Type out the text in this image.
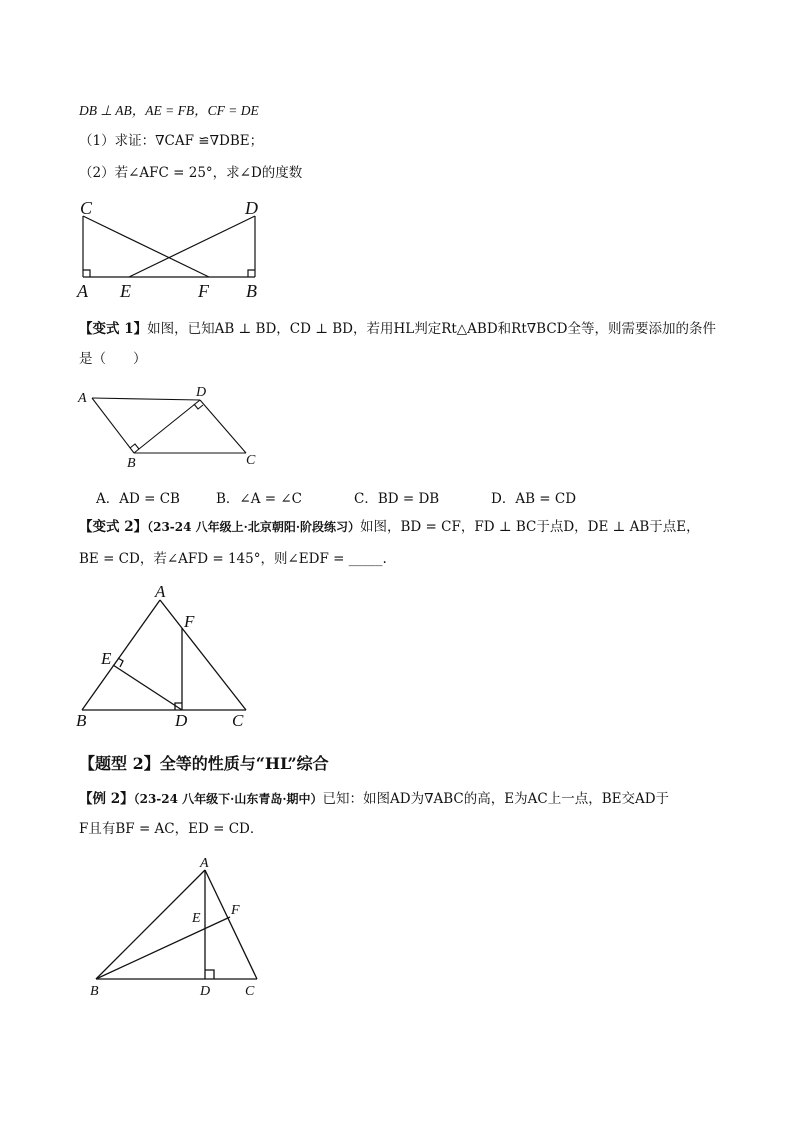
DB ⊥ AB，AE = FB，CF = DE
（1）求证：∇CAF ≌∇DBE；
（2）若∠AFC = 25°，求∠D的度数
C	D
A E	F B
【变式 1】如图，已知AB ⊥ BD，CD ⊥ BD，若用HL判定Rt△ABD和Rt∇BCD全等，则需要添加的条件
是（　　）
A	D
B	C
A．AD = CB	B．∠A = ∠C	C．BD = DB	D．AB = CD
【变式 2】（23-24 八年级上·北京朝阳·阶段练习）如图，BD = CF，FD ⊥ BC于点D，DE ⊥ AB于点E，
BE = CD，若∠AFD = 145°，则∠EDF = _____.
A
F
E
B	D	C
【题型 2】全等的性质与“HL”综合
【例 2】（23-24 八年级下·山东青岛·期中）已知：如图AD为∇ABC的高，E为AC上一点，BE交AD于
F且有BF = AC，ED = CD．
A
E
F
B	D C
